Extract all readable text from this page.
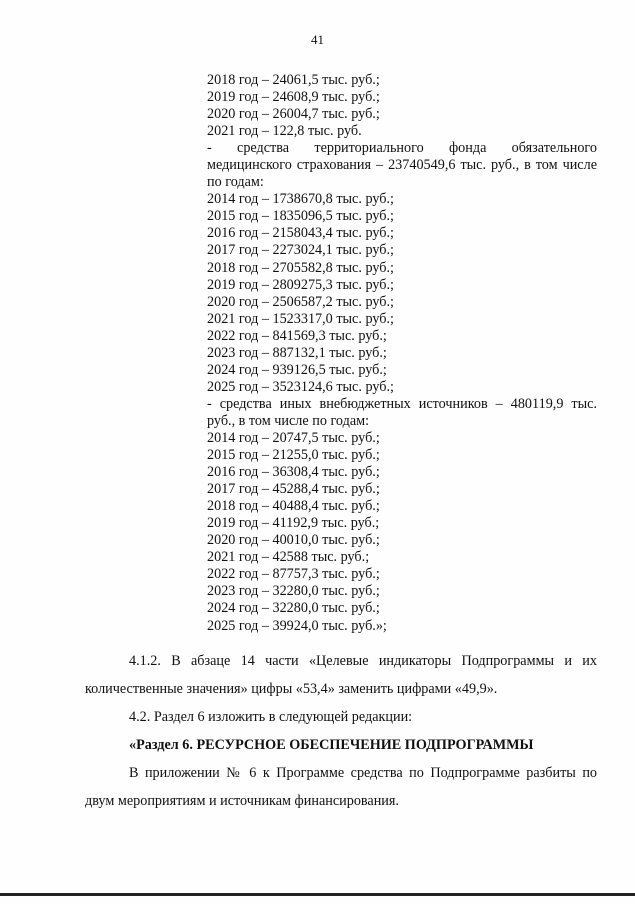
41
2018 год – 24061,5 тыс. руб.;
2019 год – 24608,9 тыс. руб.;
2020 год – 26004,7 тыс. руб.;
2021 год – 122,8 тыс. руб.
- средства территориального фонда обязательного медицинского страхования – 23740549,6 тыс. руб., в том числе по годам:
2014 год – 1738670,8 тыс. руб.;
2015 год – 1835096,5 тыс. руб.;
2016 год – 2158043,4 тыс. руб.;
2017 год – 2273024,1 тыс. руб.;
2018 год – 2705582,8 тыс. руб.;
2019 год – 2809275,3 тыс. руб.;
2020 год – 2506587,2 тыс. руб.;
2021 год – 1523317,0 тыс. руб.;
2022 год – 841569,3 тыс. руб.;
2023 год – 887132,1 тыс. руб.;
2024 год – 939126,5 тыс. руб.;
2025 год – 3523124,6 тыс. руб.;
- средства иных внебюджетных источников – 480119,9 тыс. руб., в том числе по годам:
2014 год – 20747,5 тыс. руб.;
2015 год – 21255,0 тыс. руб.;
2016 год – 36308,4 тыс. руб.;
2017 год – 45288,4 тыс. руб.;
2018 год – 40488,4 тыс. руб.;
2019 год – 41192,9 тыс. руб.;
2020 год – 40010,0 тыс. руб.;
2021 год – 42588 тыс. руб.;
2022 год – 87757,3 тыс. руб.;
2023 год – 32280,0 тыс. руб.;
2024 год – 32280,0 тыс. руб.;
2025 год – 39924,0 тыс. руб.»;

4.1.2. В абзаце 14 части «Целевые индикаторы Подпрограммы и их количественные значения» цифры «53,4» заменить цифрами «49,9».

4.2. Раздел 6 изложить в следующей редакции:

«Раздел 6. РЕСУРСНОЕ ОБЕСПЕЧЕНИЕ ПОДПРОГРАММЫ

В приложении № 6 к Программе средства по Подпрограмме разбиты по двум мероприятиям и источникам финансирования.
